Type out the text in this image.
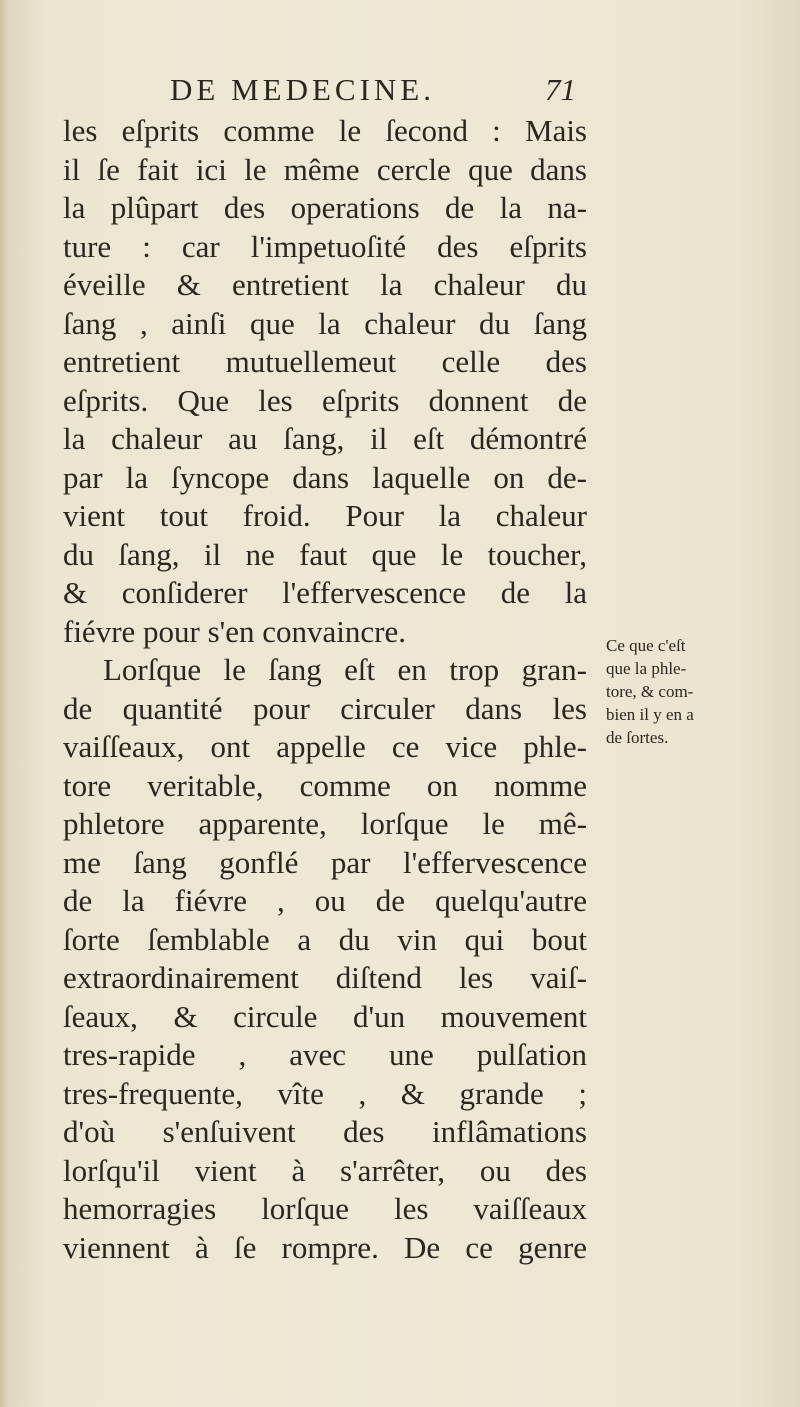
DE MEDECINE.	71
les eſprits comme le ſecond : Mais
il ſe fait ici le même cercle que dans
la plûpart des operations de la na-
ture : car l'impetuoſité des eſprits
éveille & entretient la chaleur du
ſang , ainſi que la chaleur du ſang
entretient mutuellemeut celle des
eſprits. Que les eſprits donnent de
la chaleur au ſang, il eſt démontré
par la ſyncope dans laquelle on de-
vient tout froid. Pour la chaleur
du ſang, il ne faut que le toucher,
& conſiderer l'effervescence de la
fiévre pour s'en convaincre.
Lorſque le ſang eſt en trop gran-
de quantité pour circuler dans les
vaiſſeaux, ont appelle ce vice phle-
tore veritable, comme on nomme
phletore apparente, lorſque le mê-
me ſang gonflé par l'effervescence
de la fiévre , ou de quelqu'autre
ſorte ſemblable a du vin qui bout
extraordinairement diſtend les vaiſ-
ſeaux, & circule d'un mouvement
tres-rapide , avec une pulſation
tres-frequente, vîte , & grande ;
d'où s'enſuivent des inflâmations
lorſqu'il vient à s'arrêter, ou des
hemorragies lorſque les vaiſſeaux
viennent à ſe rompre. De ce genre
Ce que c'eſt
que la phle-
tore, & com-
bien il y en a
de ſortes.
